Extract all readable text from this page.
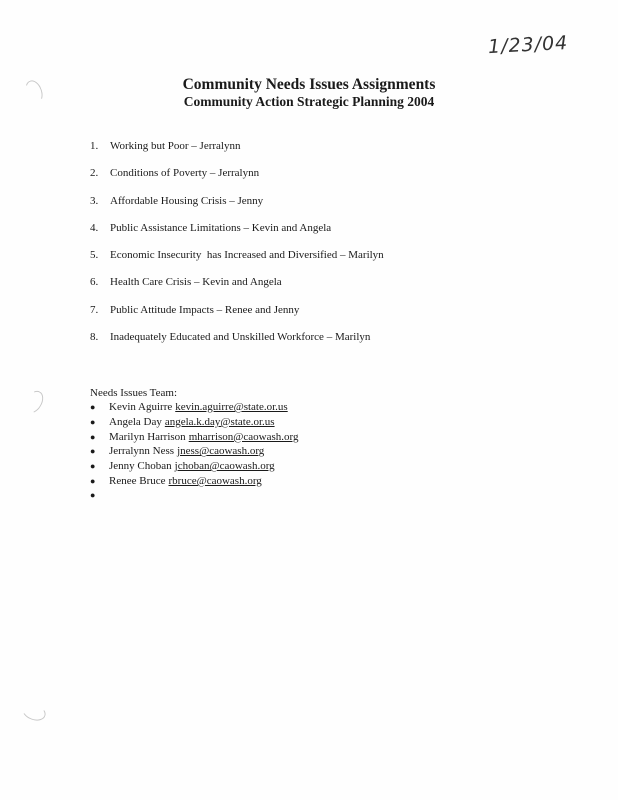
1/23/04
Community Needs Issues Assignments
Community Action Strategic Planning 2004
1.	Working but Poor – Jerralynn
2.	Conditions of Poverty – Jerralynn
3.	Affordable Housing Crisis – Jenny
4.	Public Assistance Limitations – Kevin and Angela
5.	Economic Insecurity  has Increased and Diversified – Marilyn
6.	Health Care Crisis – Kevin and Angela
7.	Public Attitude Impacts – Renee and Jenny
8.	Inadequately Educated and Unskilled Workforce – Marilyn
Needs Issues Team:
●	Kevin Aguirre kevin.aguirre@state.or.us
●	Angela Day angela.k.day@state.or.us
●	Marilyn Harrison mharrison@caowash.org
●	Jerralynn Ness jness@caowash.org
●	Jenny Choban jchoban@caowash.org
●	Renee Bruce rbruce@caowash.org
●
